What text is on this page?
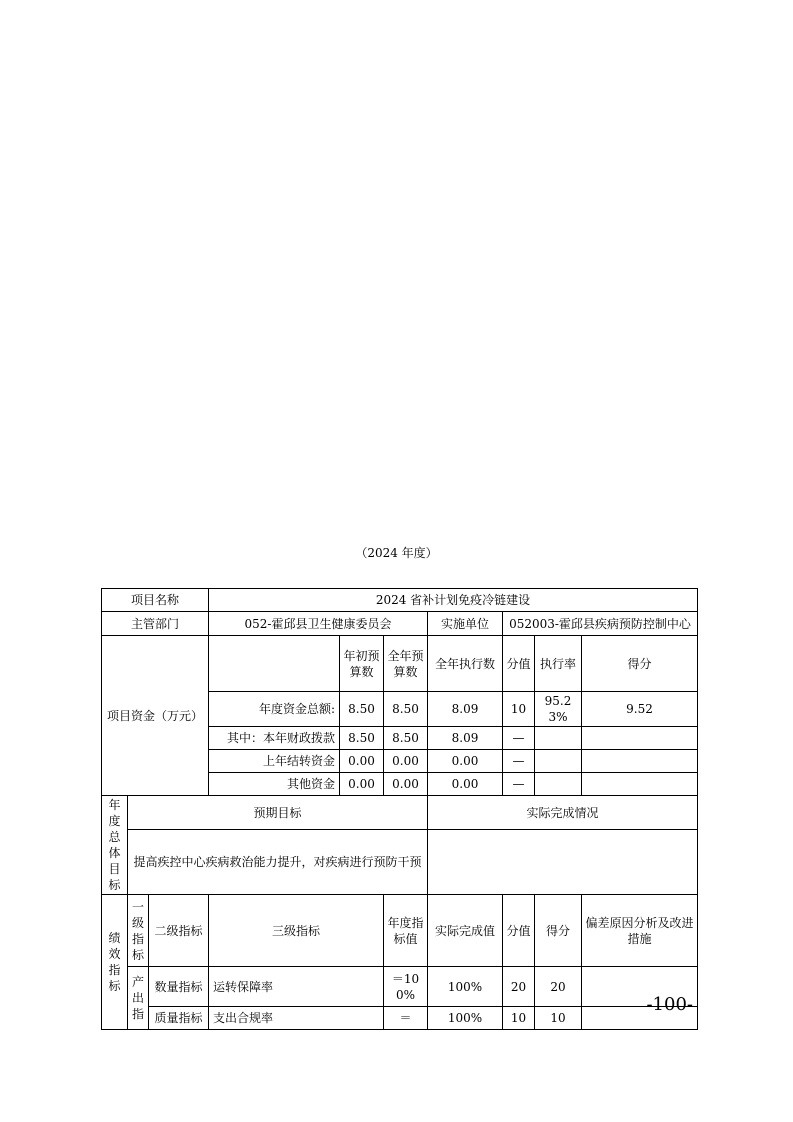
（2024 年度）
项目名称			2024 省补计划免疫冷链建设						
主管部门			052-霍邱县卫生健康委员会			实施单位	052003-霍邱县疾病预防控制中心		
项目资金（万元）				年初预算数	全年预算数	全年执行数	分值	执行率	得分
			年度资金总额:	8.50	8.50	8.09	10	95.23%	9.52
			其中：本年财政拨款	8.50	8.50	8.09	—		
			上年结转资金	0.00	0.00	0.00	—		
			其他资金	0.00	0.00	0.00	—		
年度总体目标	预期目标					实际完成情况			
	提高疾控中心疾病救治能力提升，对疾病进行预防干预								
绩效指标	一级指标	二级指标	三级指标		年度指标值	实际完成值	分值	得分	偏差原因分析及改进措施
	产出指	数量指标	运转保障率		＝100%	100%	20	20	
		质量指标	支出合规率		＝	100%	10	10	
-100-
